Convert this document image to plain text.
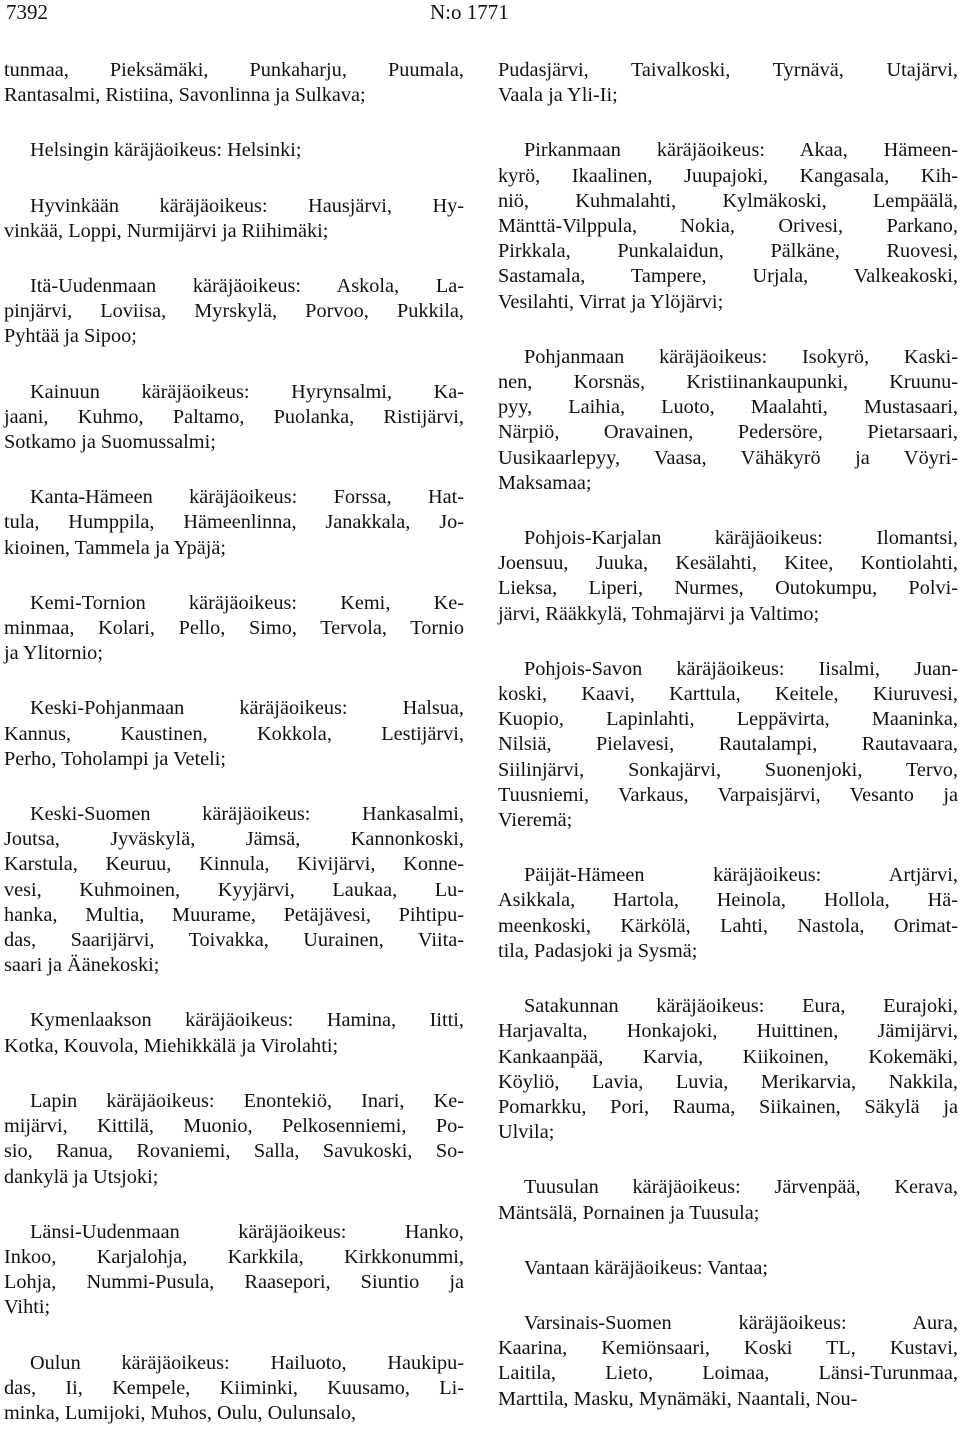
7392	N:o 1771
tunmaa, Pieksämäki, Punkaharju, Puumala,
Rantasalmi, Ristiina, Savonlinna ja Sulkava;
Helsingin käräjäoikeus: Helsinki;
Hyvinkään käräjäoikeus: Hausjärvi, Hy-
vinkää, Loppi, Nurmijärvi ja Riihimäki;
Itä-Uudenmaan käräjäoikeus: Askola, La-
pinjärvi, Loviisa, Myrskylä, Porvoo, Pukkila,
Pyhtää ja Sipoo;
Kainuun käräjäoikeus: Hyrynsalmi, Ka-
jaani, Kuhmo, Paltamo, Puolanka, Ristijärvi,
Sotkamo ja Suomussalmi;
Kanta-Hämeen käräjäoikeus: Forssa, Hat-
tula, Humppila, Hämeenlinna, Janakkala, Jo-
kioinen, Tammela ja Ypäjä;
Kemi-Tornion käräjäoikeus: Kemi, Ke-
minmaa, Kolari, Pello, Simo, Tervola, Tornio
ja Ylitornio;
Keski-Pohjanmaan käräjäoikeus: Halsua,
Kannus, Kaustinen, Kokkola, Lestijärvi,
Perho, Toholampi ja Veteli;
Keski-Suomen käräjäoikeus: Hankasalmi,
Joutsa, Jyväskylä, Jämsä, Kannonkoski,
Karstula, Keuruu, Kinnula, Kivijärvi, Konne-
vesi, Kuhmoinen, Kyyjärvi, Laukaa, Lu-
hanka, Multia, Muurame, Petäjävesi, Pihtipu-
das, Saarijärvi, Toivakka, Uurainen, Viita-
saari ja Äänekoski;
Kymenlaakson käräjäoikeus: Hamina, Iitti,
Kotka, Kouvola, Miehikkälä ja Virolahti;
Lapin käräjäoikeus: Enontekiö, Inari, Ke-
mijärvi, Kittilä, Muonio, Pelkosenniemi, Po-
sio, Ranua, Rovaniemi, Salla, Savukoski, So-
dankylä ja Utsjoki;
Länsi-Uudenmaan käräjäoikeus: Hanko,
Inkoo, Karjalohja, Karkkila, Kirkkonummi,
Lohja, Nummi-Pusula, Raasepori, Siuntio ja
Vihti;
Oulun käräjäoikeus: Hailuoto, Haukipu-
das, Ii, Kempele, Kiiminki, Kuusamo, Li-
minka, Lumijoki, Muhos, Oulu, Oulunsalo,
Pudasjärvi, Taivalkoski, Tyrnävä, Utajärvi,
Vaala ja Yli-Ii;
Pirkanmaan käräjäoikeus: Akaa, Hämeen-
kyrö, Ikaalinen, Juupajoki, Kangasala, Kih-
niö, Kuhmalahti, Kylmäkoski, Lempäälä,
Mänttä-Vilppula, Nokia, Orivesi, Parkano,
Pirkkala, Punkalaidun, Pälkäne, Ruovesi,
Sastamala, Tampere, Urjala, Valkeakoski,
Vesilahti, Virrat ja Ylöjärvi;
Pohjanmaan käräjäoikeus: Isokyrö, Kaski-
nen, Korsnäs, Kristiinankaupunki, Kruunu-
pyy, Laihia, Luoto, Maalahti, Mustasaari,
Närpiö, Oravainen, Pedersöre, Pietarsaari,
Uusikaarlepyy, Vaasa, Vähäkyrö ja Vöyri-
Maksamaa;
Pohjois-Karjalan käräjäoikeus: Ilomantsi,
Joensuu, Juuka, Kesälahti, Kitee, Kontiolahti,
Lieksa, Liperi, Nurmes, Outokumpu, Polvi-
järvi, Rääkkylä, Tohmajärvi ja Valtimo;
Pohjois-Savon käräjäoikeus: Iisalmi, Juan-
koski, Kaavi, Karttula, Keitele, Kiuruvesi,
Kuopio, Lapinlahti, Leppävirta, Maaninka,
Nilsiä, Pielavesi, Rautalampi, Rautavaara,
Siilinjärvi, Sonkajärvi, Suonenjoki, Tervo,
Tuusniemi, Varkaus, Varpaisjärvi, Vesanto ja
Vieremä;
Päijät-Hämeen käräjäoikeus: Artjärvi,
Asikkala, Hartola, Heinola, Hollola, Hä-
meenkoski, Kärkölä, Lahti, Nastola, Orimat-
tila, Padasjoki ja Sysmä;
Satakunnan käräjäoikeus: Eura, Eurajoki,
Harjavalta, Honkajoki, Huittinen, Jämijärvi,
Kankaanpää, Karvia, Kiikoinen, Kokemäki,
Köyliö, Lavia, Luvia, Merikarvia, Nakkila,
Pomarkku, Pori, Rauma, Siikainen, Säkylä ja
Ulvila;
Tuusulan käräjäoikeus: Järvenpää, Kerava,
Mäntsälä, Pornainen ja Tuusula;
Vantaan käräjäoikeus: Vantaa;
Varsinais-Suomen käräjäoikeus: Aura,
Kaarina, Kemiönsaari, Koski TL, Kustavi,
Laitila, Lieto, Loimaa, Länsi-Turunmaa,
Marttila, Masku, Mynämäki, Naantali, Nou-
